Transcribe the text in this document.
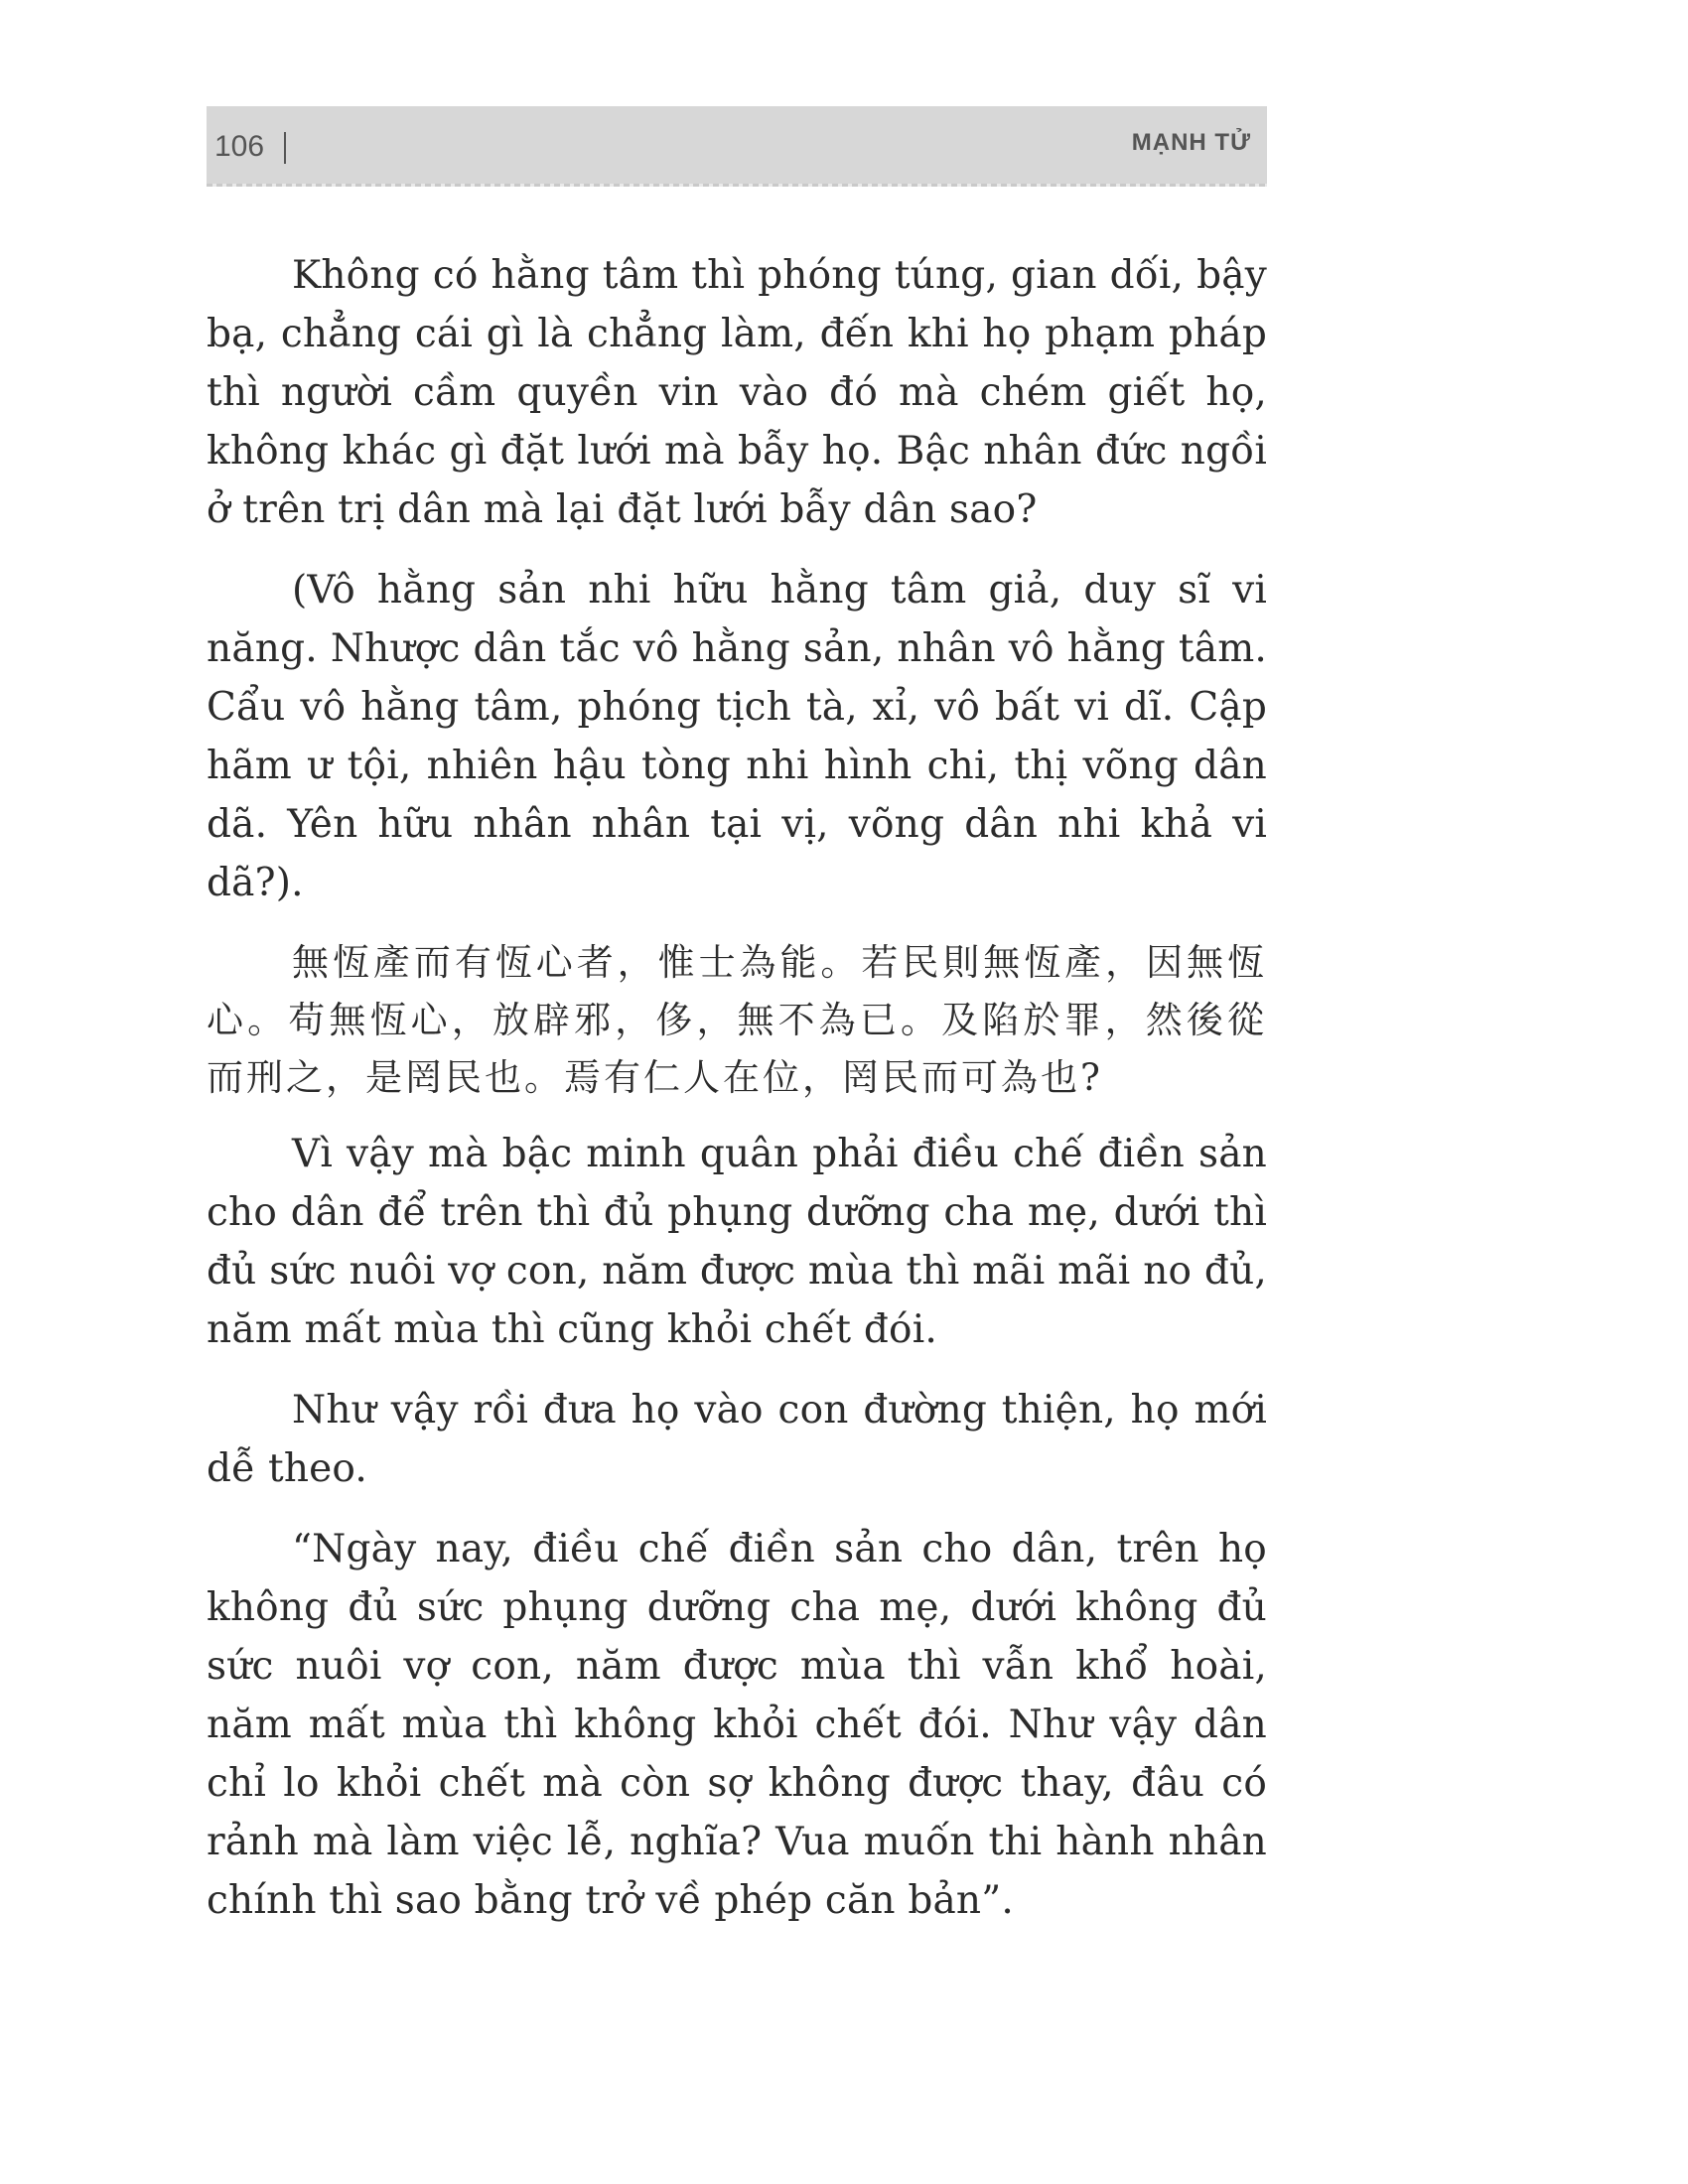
106	MẠNH TỬ

Không có hằng tâm thì phóng túng, gian dối, bậy bạ, chẳng cái gì là chẳng làm, đến khi họ phạm pháp thì người cầm quyền vin vào đó mà chém giết họ, không khác gì đặt lưới mà bẫy họ. Bậc nhân đức ngồi ở trên trị dân mà lại đặt lưới bẫy dân sao?

(Vô hằng sản nhi hữu hằng tâm giả, duy sĩ vi năng. Nhược dân tắc vô hằng sản, nhân vô hằng tâm. Cẩu vô hằng tâm, phóng tịch tà, xỉ, vô bất vi dĩ. Cập hãm ư tội, nhiên hậu tòng nhi hình chi, thị võng dân dã. Yên hữu nhân nhân tại vị, võng dân nhi khả vi dã?).

無恆產而有恆心者，惟士為能。若民則無恆產，因無恆心。苟無恆心，放辟邪，侈，無不為已。及陷於罪，然後從而刑之，是罔民也。焉有仁人在位，罔民而可為也?

Vì vậy mà bậc minh quân phải điều chế điền sản cho dân để trên thì đủ phụng dưỡng cha mẹ, dưới thì đủ sức nuôi vợ con, năm được mùa thì mãi mãi no đủ, năm mất mùa thì cũng khỏi chết đói.

Như vậy rồi đưa họ vào con đường thiện, họ mới dễ theo.

“Ngày nay, điều chế điền sản cho dân, trên họ không đủ sức phụng dưỡng cha mẹ, dưới không đủ sức nuôi vợ con, năm được mùa thì vẫn khổ hoài, năm mất mùa thì không khỏi chết đói. Như vậy dân chỉ lo khỏi chết mà còn sợ không được thay, đâu có rảnh mà làm việc lễ, nghĩa? Vua muốn thi hành nhân chính thì sao bằng trở về phép căn bản”.
